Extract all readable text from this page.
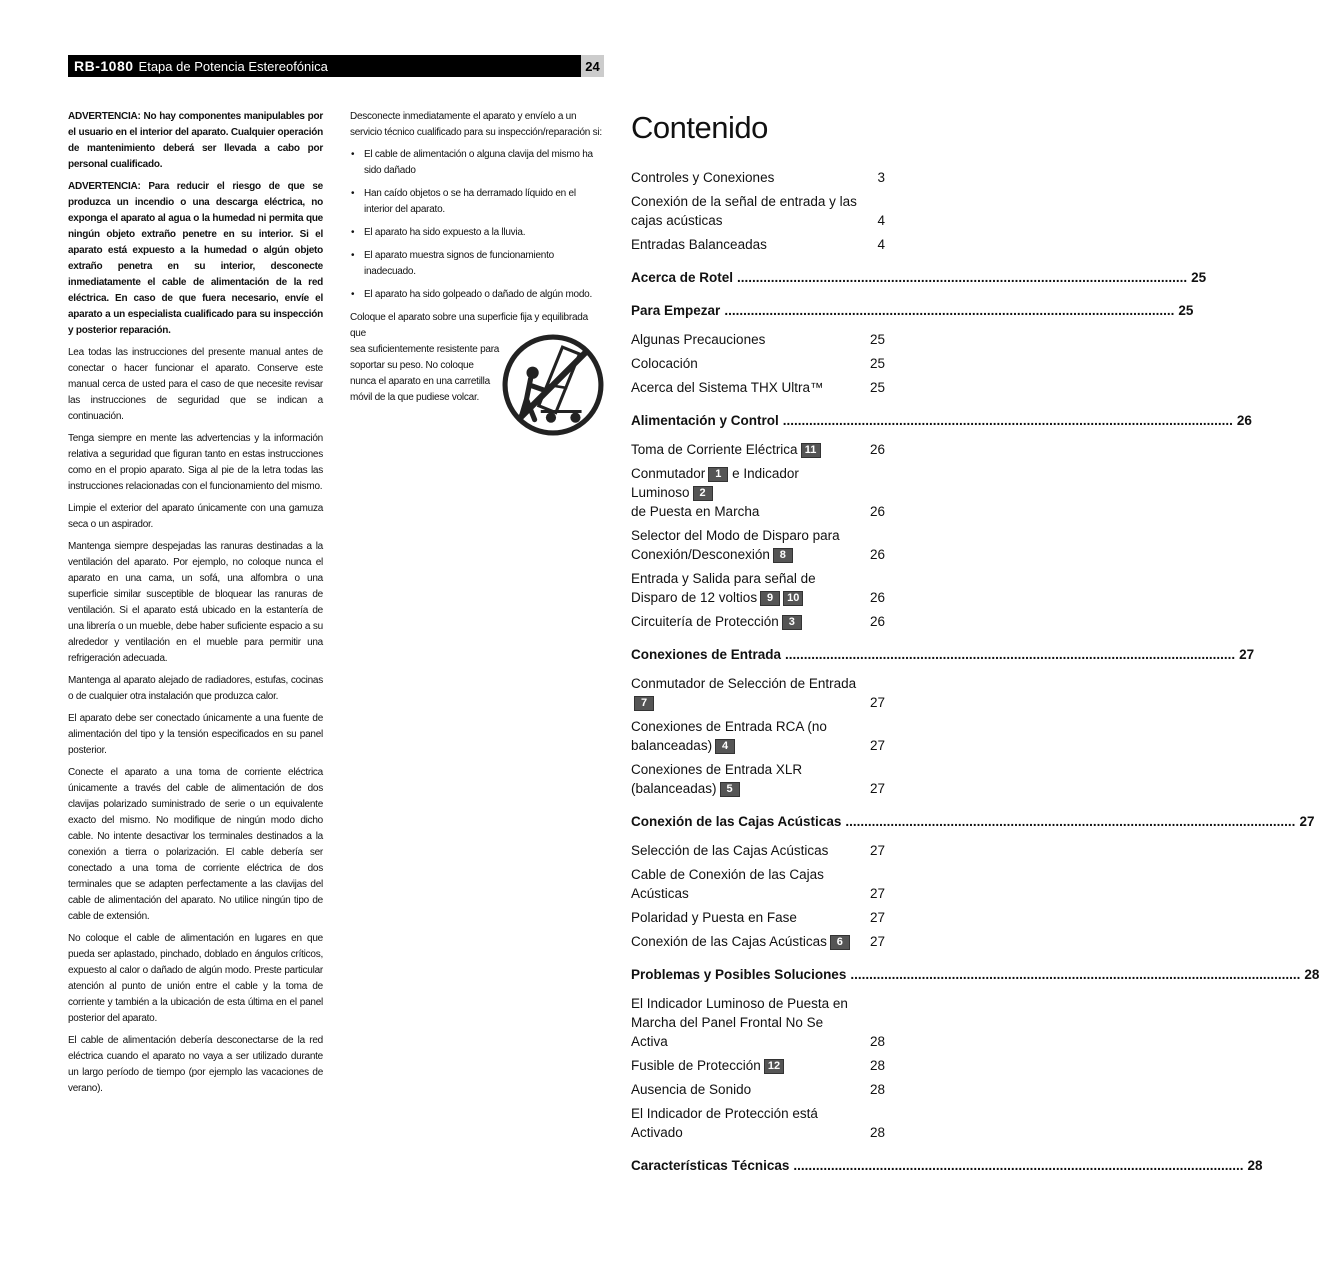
RB-1080 Etapa de Potencia Estereofónica	24

ADVERTENCIA: No hay componentes manipulables por el usuario en el interior del aparato. Cualquier operación de mantenimiento deberá ser llevada a cabo por personal cualificado.

ADVERTENCIA: Para reducir el riesgo de que se produzca un incendio o una descarga eléctrica, no exponga el aparato al agua o la humedad ni permita que ningún objeto extraño penetre en su interior. Si el aparato está expuesto a la humedad o algún objeto extraño penetra en su interior, desconecte inmediatamente el cable de alimentación de la red eléctrica. En caso de que fuera necesario, envíe el aparato a un especialista cualificado para su inspección y posterior reparación.

Lea todas las instrucciones del presente manual antes de conectar o hacer funcionar el aparato. Conserve este manual cerca de usted para el caso de que necesite revisar las instrucciones de seguridad que se indican a continuación.

Tenga siempre en mente las advertencias y la información relativa a seguridad que figuran tanto en estas instrucciones como en el propio aparato. Siga al pie de la letra todas las instrucciones relacionadas con el funcionamiento del mismo.

Limpie el exterior del aparato únicamente con una gamuza seca o un aspirador.

Mantenga siempre despejadas las ranuras destinadas a la ventilación del aparato. Por ejemplo, no coloque nunca el aparato en una cama, un sofá, una alfombra o una superficie similar susceptible de bloquear las ranuras de ventilación. Si el aparato está ubicado en la estantería de una librería o un mueble, debe haber suficiente espacio a su alrededor y ventilación en el mueble para permitir una refrigeración adecuada.

Mantenga al aparato alejado de radiadores, estufas, cocinas o de cualquier otra instalación que produzca calor.

El aparato debe ser conectado únicamente a una fuente de alimentación del tipo y la tensión especificados en su panel posterior.

Conecte el aparato a una toma de corriente eléctrica únicamente a través del cable de alimentación de dos clavijas polarizado suministrado de serie o un equivalente exacto del mismo. No modifique de ningún modo dicho cable. No intente desactivar los terminales destinados a la conexión a tierra o polarización. El cable debería ser conectado a una toma de corriente eléctrica de dos terminales que se adapten perfectamente a las clavijas del cable de alimentación del aparato. No utilice ningún tipo de cable de extensión.

No coloque el cable de alimentación en lugares en que pueda ser aplastado, pinchado, doblado en ángulos críticos, expuesto al calor o dañado de algún modo. Preste particular atención al punto de unión entre el cable y la toma de corriente y también a la ubicación de esta última en el panel posterior del aparato.

El cable de alimentación debería desconectarse de la red eléctrica cuando el aparato no vaya a ser utilizado durante un largo período de tiempo (por ejemplo las vacaciones de verano).

Desconecte inmediatamente el aparato y envíelo a un servicio técnico cualificado para su inspección/reparación si:

• El cable de alimentación o alguna clavija del mismo ha sido dañado
• Han caído objetos o se ha derramado líquido en el interior del aparato.
• El aparato ha sido expuesto a la lluvia.
• El aparato muestra signos de funcionamiento inadecuado.
• El aparato ha sido golpeado o dañado de algún modo.

Coloque el aparato sobre una superficie fija y equilibrada que

sea suficientemente resistente para soportar su peso. No coloque nunca el aparato en una carretilla móvil de la que pudiese volcar.

Contenido
Controles y Conexiones	3
Conexión de la señal de entrada y las cajas acústicas	4
Entradas Balanceadas	4
Acerca de Rotel ........................................................................................................................ 25
Para Empezar ........................................................................................................................ 25
Algunas Precauciones	25
Colocación	25
Acerca del Sistema THX Ultra™	25
Alimentación y Control ........................................................................................................................ 26
Toma de Corriente Eléctrica 11	26
Conmutador 1 e Indicador Luminoso 2
de Puesta en Marcha	26
Selector del Modo de Disparo para Conexión/Desconexión 8	26
Entrada y Salida para señal de Disparo de 12 voltios 9 10	26
Circuitería de Protección 3	26
Conexiones de Entrada ........................................................................................................................ 27
Conmutador de Selección de Entrada7	27
Conexiones de Entrada RCA (no balanceadas) 4	27
Conexiones de Entrada XLR (balanceadas) 5	27
Conexión de las Cajas Acústicas ........................................................................................................................ 27
Selección de las Cajas Acústicas	27
Cable de Conexión de las Cajas Acústicas	27
Polaridad y Puesta en Fase	27
Conexión de las Cajas Acústicas 6	27
Problemas y Posibles Soluciones ........................................................................................................................ 28
El Indicador Luminoso de Puesta en Marcha del Panel Frontal No Se Activa	28
Fusible de Protección 12	28
Ausencia de Sonido	28
El Indicador de Protección está Activado	28
Características Técnicas ........................................................................................................................ 28
